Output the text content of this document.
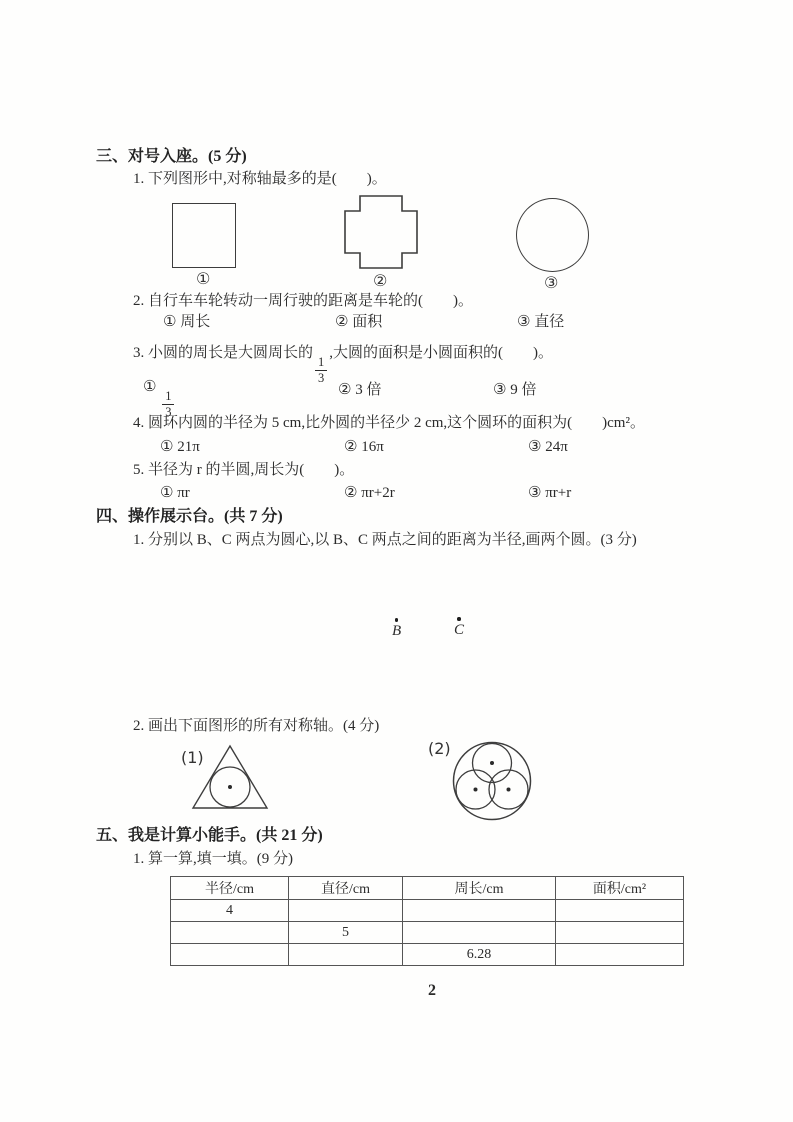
三、对号入座。(5 分)
1. 下列图形中,对称轴最多的是(　　)。
①	②	③
2. 自行车车轮转动一周行驶的距离是车轮的(　　)。
① 周长	② 面积	③ 直径
3. 小圆的周长是大圆周长的
$\frac{1}{3}$
,大圆的面积是小圆面积的(　　)。
①
$\frac{1}{3}$	② 3 倍	③ 9 倍
4. 圆环内圆的半径为 5 cm,比外圆的半径少 2 cm,这个圆环的面积为(　　)cm²。
① 21π	② 16π	③ 24π
5. 半径为 r 的半圆,周长为(　　)。
① πr	② πr+2r	③ πr+r
四、操作展示台。(共 7 分)
1. 分别以 B、C 两点为圆心,以 B、C 两点之间的距离为半径,画两个圆。(3 分)
B	C
2. 画出下面图形的所有对称轴。(4 分)
(1)	(2)
五、我是计算小能手。(共 21 分)
1. 算一算,填一填。(9 分)
半径/cm	直径/cm	周长/cm	面积/cm²
4			
	5		
		6.28	
2
